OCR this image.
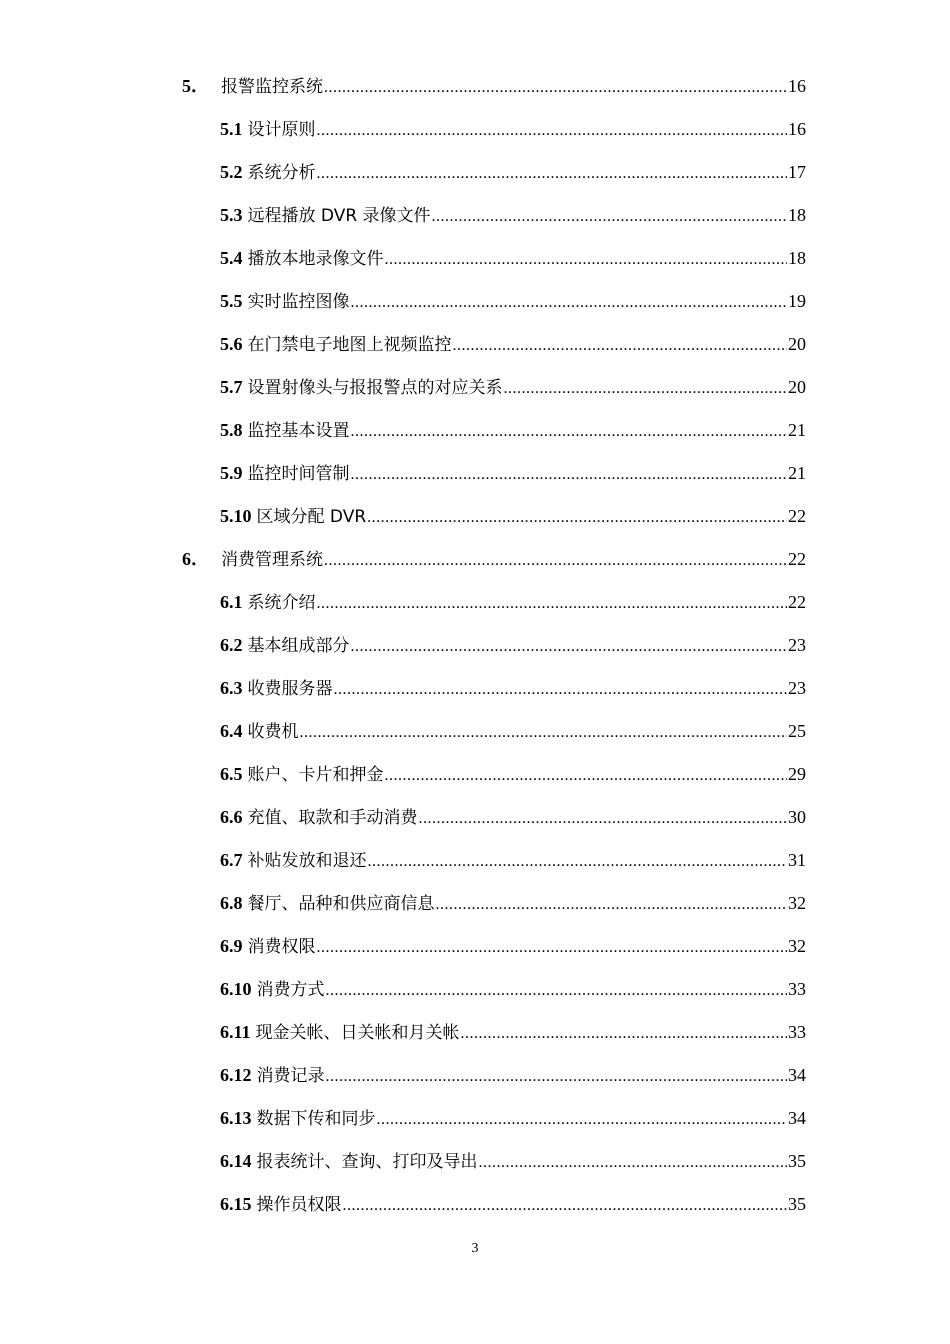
5． 报警监控系统 .....	16
5.1 设计原则 .....	16
5.2 系统分析 .....	17
5.3 远程播放 DVR 录像文件 .....	18
5.4 播放本地录像文件 .....	18
5.5 实时监控图像 .....	19
5.6 在门禁电子地图上视频监控 .....	20
5.7 设置射像头与报报警点的对应关系 .....	20
5.8 监控基本设置 .....	21
5.9 监控时间管制 .....	21
5.10 区域分配 DVR .....	22
6． 消费管理系统 .....	22
6.1 系统介绍 .....	22
6.2 基本组成部分 .....	23
6.3 收费服务器 .....	23
6.4 收费机 .....	25
6.5 账户、卡片和押金 .....	29
6.6 充值、取款和手动消费 .....	30
6.7 补贴发放和退还 .....	31
6.8 餐厅、品种和供应商信息 .....	32
6.9 消费权限 .....	32
6.10 消费方式 .....	33
6.11 现金关帐、日关帐和月关帐 .....	33
6.12 消费记录 .....	34
6.13 数据下传和同步 .....	34
6.14 报表统计、查询、打印及导出 .....	35
6.15 操作员权限 .....	35
3
